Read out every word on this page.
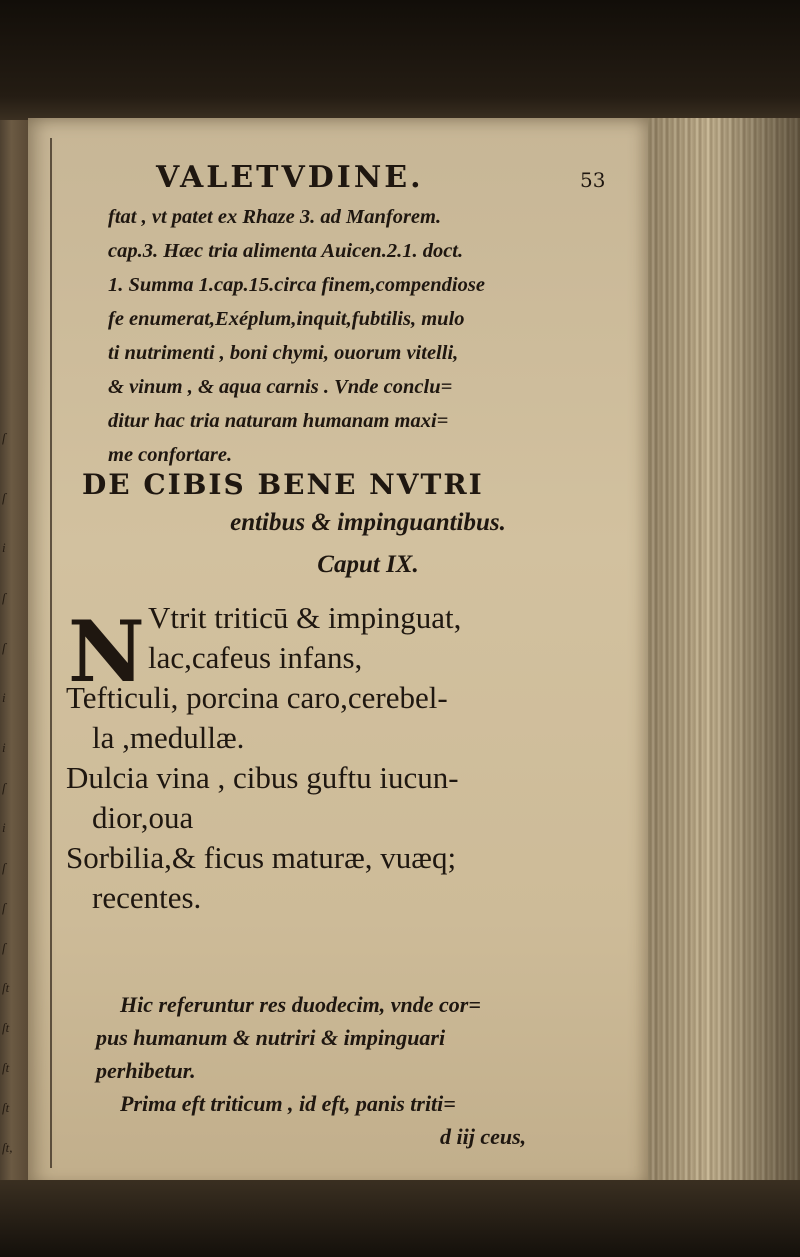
ſ
ſ
i
ſ
ſ
i
i
ſ
i
ſ
ſ
ſ
ſt
ſt
ſt
ſt
ſt,
VALETVDINE.	53
ftat , vt patet ex Rhaze 3. ad Manforem.
cap.3. Hæc tria alimenta Auicen.2.1. doct.
1. Summa 1.cap.15.circa finem,compendiose
fe enumerat,Exéplum,inquit,fubtilis, mulo
ti nutrimenti , boni chymi, ouorum vitelli,
& vinum , & aqua carnis . Vnde conclu=
ditur hac tria naturam humanam maxi=
me confortare.
DE CIBIS BENE NVTRI
entibus & impinguantibus.
Caput IX.
N Vtrit triticū & impinguat,
lac,cafeus infans,
Tefticuli, porcina caro,cerebel-
la ,medullæ.
Dulcia vina , cibus guftu iucun-
dior,oua
Sorbilia,& ficus maturæ, vuæq;
recentes.
Hic referuntur res duodecim, vnde cor=
pus humanum & nutriri & impinguari
perhibetur.
Prima eft triticum , id eft, panis triti=
d iij ceus,
